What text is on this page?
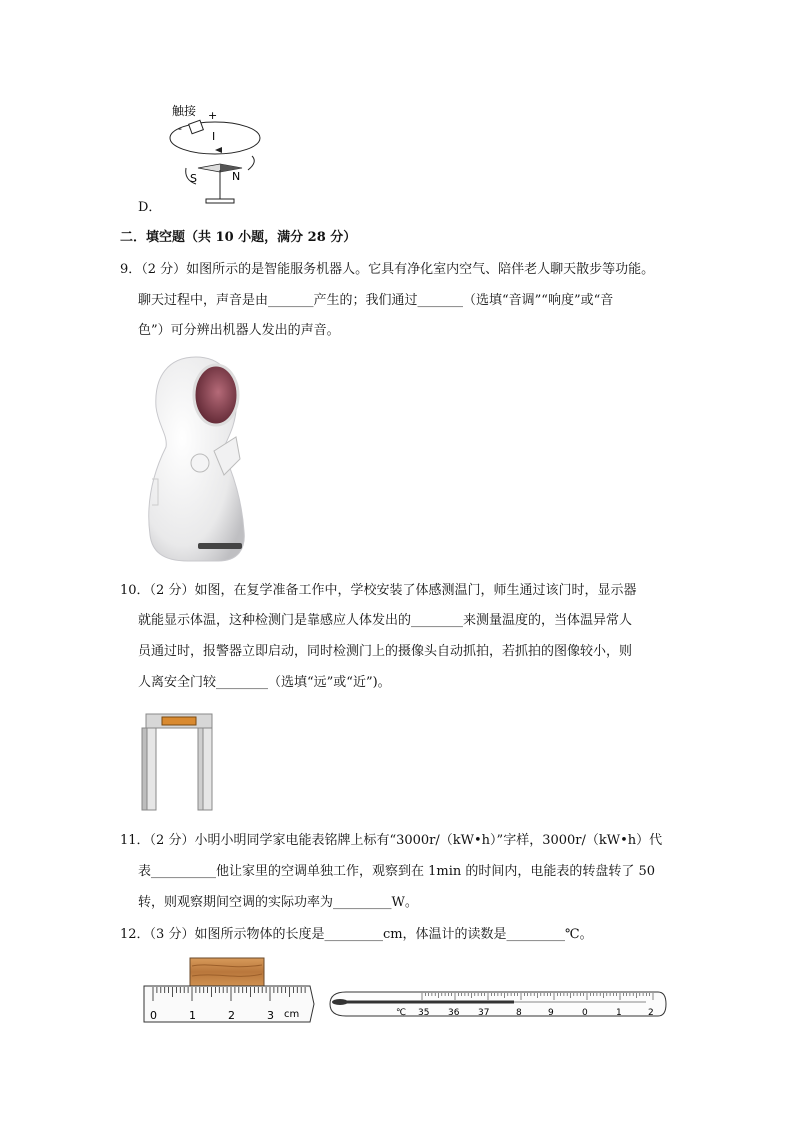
触接 +
-
I
S	N
D．
二．填空题（共 10 小题，满分 28 分）
9．（2 分）如图所示的是智能服务机器人。它具有净化室内空气、陪伴老人聊天散步等功能。
聊天过程中，声音是由_______产生的；我们通过_______（选填“音调”“响度”或“音
色”）可分辨出机器人发出的声音。
10．（2 分）如图，在复学准备工作中，学校安装了体感测温门，师生通过该门时，显示器
就能显示体温，这种检测门是靠感应人体发出的________来测量温度的，当体温异常人
员通过时，报警器立即启动，同时检测门上的摄像头自动抓拍，若抓拍的图像较小，则
人离安全门较________（选填“远”或“近”)。
11．（2 分）小明小明同学家电能表铭牌上标有“3000r/（kW•h）”字样，3000r/（kW•h）代
表__________他让家里的空调单独工作，观察到在 1min 的时间内，电能表的转盘转了 50
转，则观察期间空调的实际功率为_________W。
12．（3 分）如图所示物体的长度是_________cm，体温计的读数是_________℃。
0	1	2	3 cm	℃ 35 36 37	8	9	0	1	2
